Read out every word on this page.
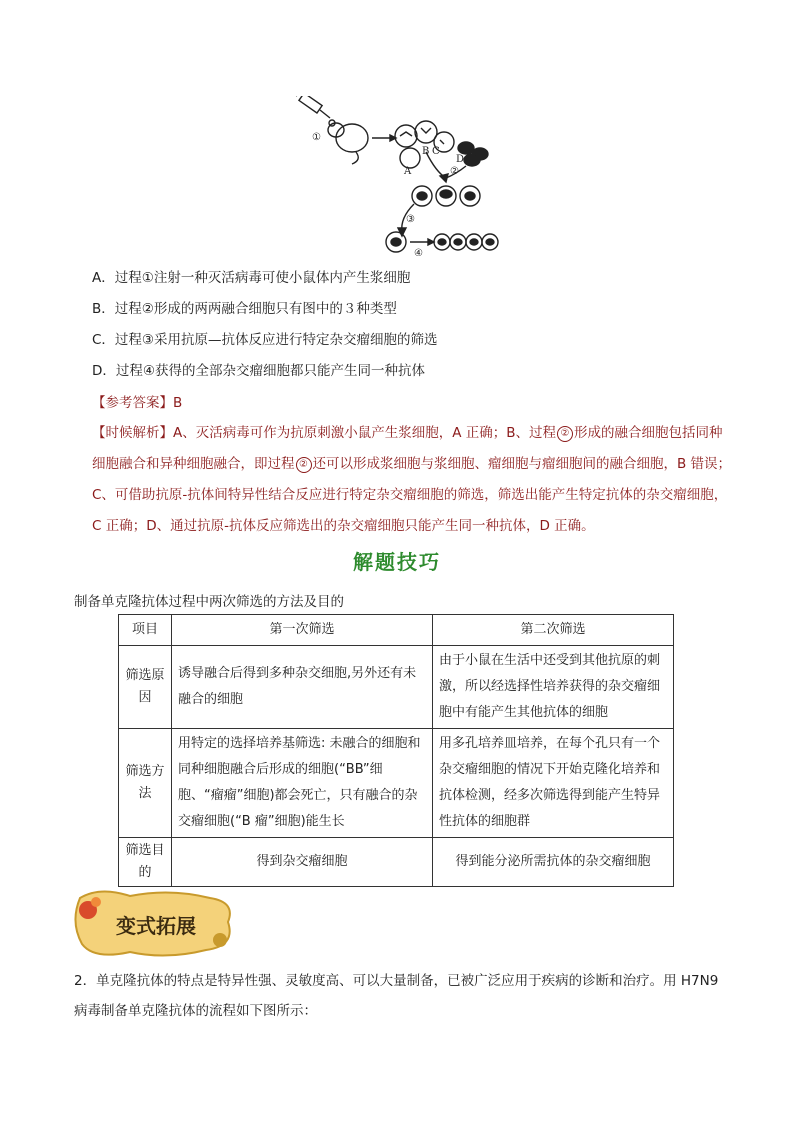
①
②
③
④
A
B C
D
A．过程①注射一种灭活病毒可使小鼠体内产生浆细胞
B．过程②形成的两两融合细胞只有图中的３种类型
C．过程③采用抗原—抗体反应进行特定杂交瘤细胞的筛选
D．过程④获得的全部杂交瘤细胞都只能产生同一种抗体
【参考答案】B
【时候解析】A、灭活病毒可作为抗原刺激小鼠产生浆细胞，A 正确；B、过程 ② 形成的融合细胞包括同种细胞融合和异种细胞融合，即过程 ② 还可以形成浆细胞与浆细胞、瘤细胞与瘤细胞间的融合细胞，B 错误；C、可借助抗原-抗体间特异性结合反应进行特定杂交瘤细胞的筛选，筛选出能产生特定抗体的杂交瘤细胞，C 正确；D、通过抗原-抗体反应筛选出的杂交瘤细胞只能产生同一种抗体，D 正确。
解题技巧
制备单克隆抗体过程中两次筛选的方法及目的
项目	第一次筛选	第二次筛选
筛选原因	诱导融合后得到多种杂交细胞,另外还有未融合的细胞	由于小鼠在生活中还受到其他抗原的刺激，所以经选择性培养获得的杂交瘤细胞中有能产生其他抗体的细胞
筛选方法	用特定的选择培养基筛选: 未融合的细胞和同种细胞融合后形成的细胞(“BB”细胞、“瘤瘤”细胞)都会死亡，只有融合的杂交瘤细胞(“B 瘤”细胞)能生长	用多孔培养皿培养，在每个孔只有一个杂交瘤细胞的情况下开始克隆化培养和抗体检测，经多次筛选得到能产生特异性抗体的细胞群
筛选目的	得到杂交瘤细胞	得到能分泌所需抗体的杂交瘤细胞
变式拓展
2．单克隆抗体的特点是特异性强、灵敏度高、可以大量制备，已被广泛应用于疾病的诊断和治疗。用 H7N9 病毒制备单克隆抗体的流程如下图所示：
